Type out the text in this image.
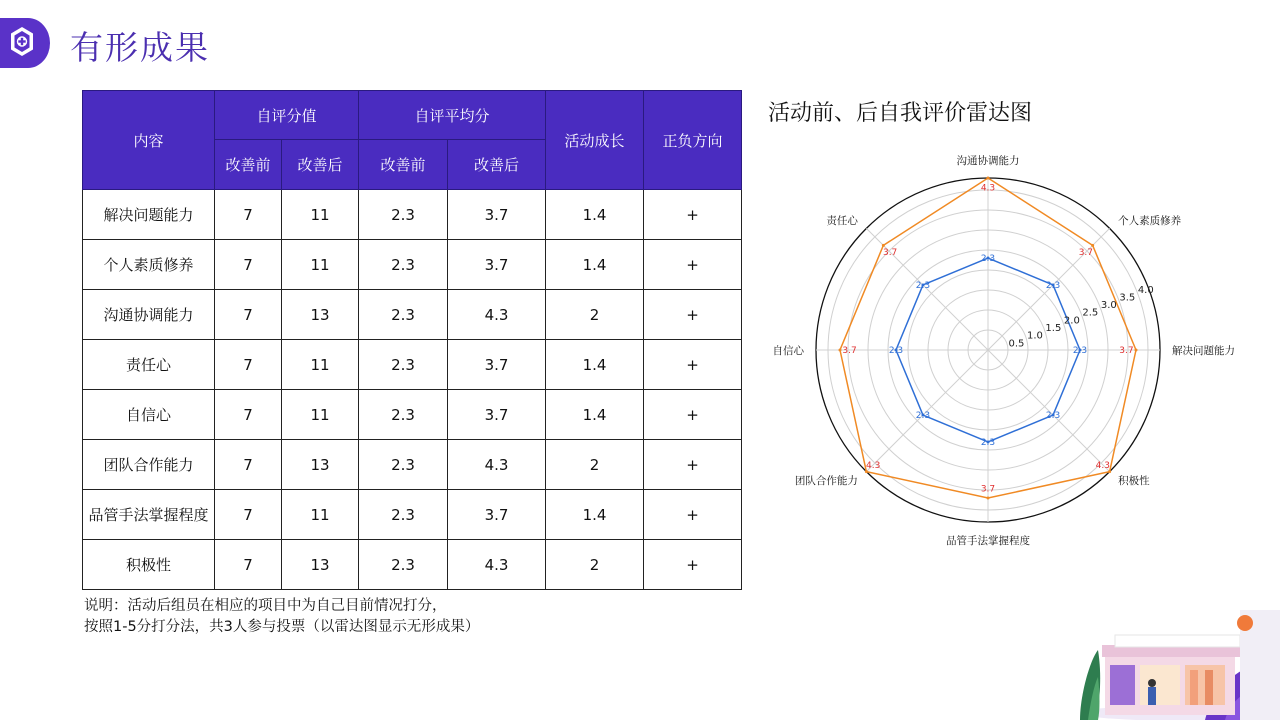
有形成果
内容	自评分值		自评平均分		活动成长	正负方向
	改善前	改善后	改善前	改善后		
解决问题能力	7	11	2.3	3.7	1.4	+
个人素质修养	7	11	2.3	3.7	1.4	+
沟通协调能力	7	13	2.3	4.3	2	+
责任心	7	11	2.3	3.7	1.4	+
自信心	7	11	2.3	3.7	1.4	+
团队合作能力	7	13	2.3	4.3	2	+
品管手法掌握程度	7	11	2.3	3.7	1.4	+
积极性	7	13	2.3	4.3	2	+
说明：活动后组员在相应的项目中为自己目前情况打分，
按照1-5分打分法，共3人参与投票（以雷达图显示无形成果）
活动前、后自我评价雷达图
0.5
1.0
1.5
2.0
2.5
3.0
3.5
4.0
解决问题能力
个人素质修养
沟通协调能力
责任心
自信心
团队合作能力
品管手法掌握程度
积极性
2.3
2.3
2.3
2.3
2.3
2.3
2.3
2.3
3.7
3.7
4.3
3.7
3.7
4.3
3.7
4.3
